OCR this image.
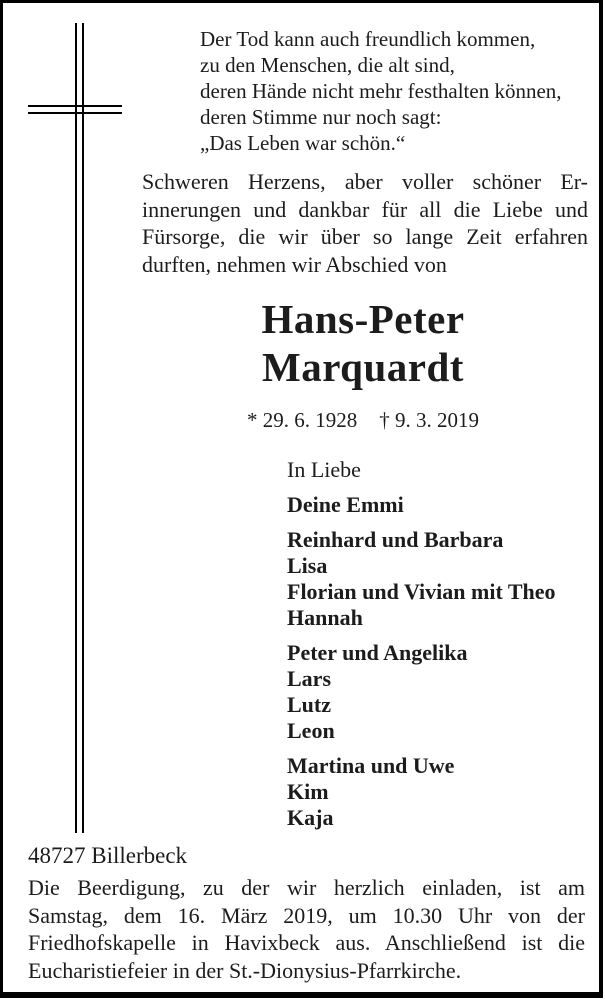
Der Tod kann auch freundlich kommen,
zu den Menschen, die alt sind,
deren Hände nicht mehr festhalten können,
deren Stimme nur noch sagt:
„Das Leben war schön.“
Schweren Herzens, aber voller schöner Er-
innerungen und dankbar für all die Liebe und
Fürsorge, die wir über so lange Zeit erfahren
durften, nehmen wir Abschied von
Hans-Peter
Marquardt
* 29. 6. 1928 † 9. 3. 2019
In Liebe
Deine Emmi
Reinhard und Barbara
Lisa
Florian und Vivian mit Theo
Hannah
Peter und Angelika
Lars
Lutz
Leon
Martina und Uwe
Kim
Kaja
48727 Billerbeck
Die Beerdigung, zu der wir herzlich einladen, ist am
Samstag, dem 16. März 2019, um 10.30 Uhr von der
Friedhofskapelle in Havixbeck aus. Anschließend ist die
Eucharistiefeier in der St.-Dionysius-Pfarrkirche.
